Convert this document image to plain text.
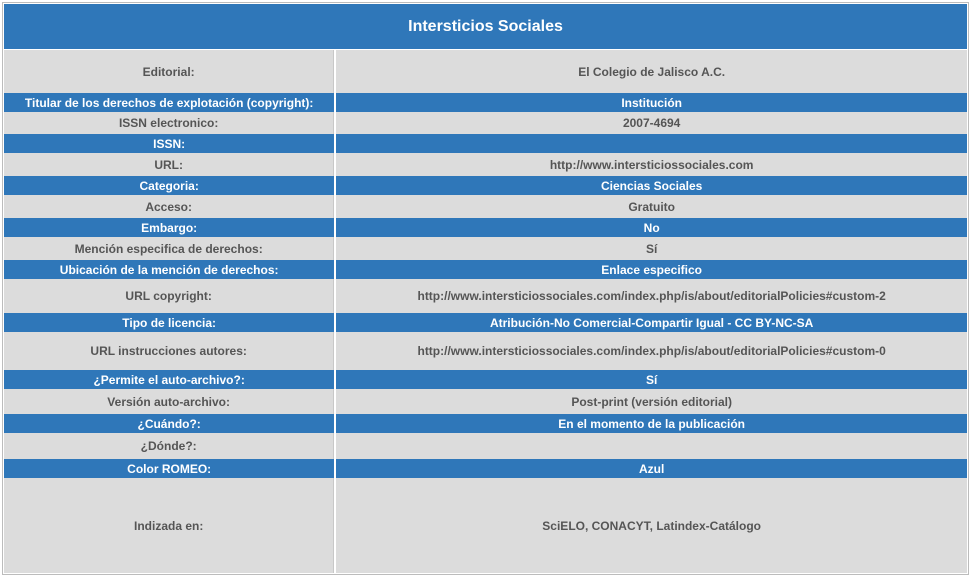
Intersticios Sociales
Editorial:	El Colegio de Jalisco A.C.
Titular de los derechos de explotación (copyright):	Institución
ISSN electronico:	2007-4694
ISSN:
URL:	http://www.intersticiossociales.com
Categoria:	Ciencias Sociales
Acceso:	Gratuito
Embargo:	No
Mención especifica de derechos:	Sí
Ubicación de la mención de derechos:	Enlace especifico
URL copyright:	http://www.intersticiossociales.com/index.php/is/about/editorialPolicies#custom-2
Tipo de licencia:	Atribución-No Comercial-Compartir Igual - CC BY-NC-SA
URL instrucciones autores:	http://www.intersticiossociales.com/index.php/is/about/editorialPolicies#custom-0
¿Permite el auto-archivo?:	Sí
Versión auto-archivo:	Post-print (versión editorial)
¿Cuándo?:	En el momento de la publicación
¿Dónde?:
Color ROMEO:	Azul
Indizada en:	SciELO, CONACYT, Latindex-Catálogo
